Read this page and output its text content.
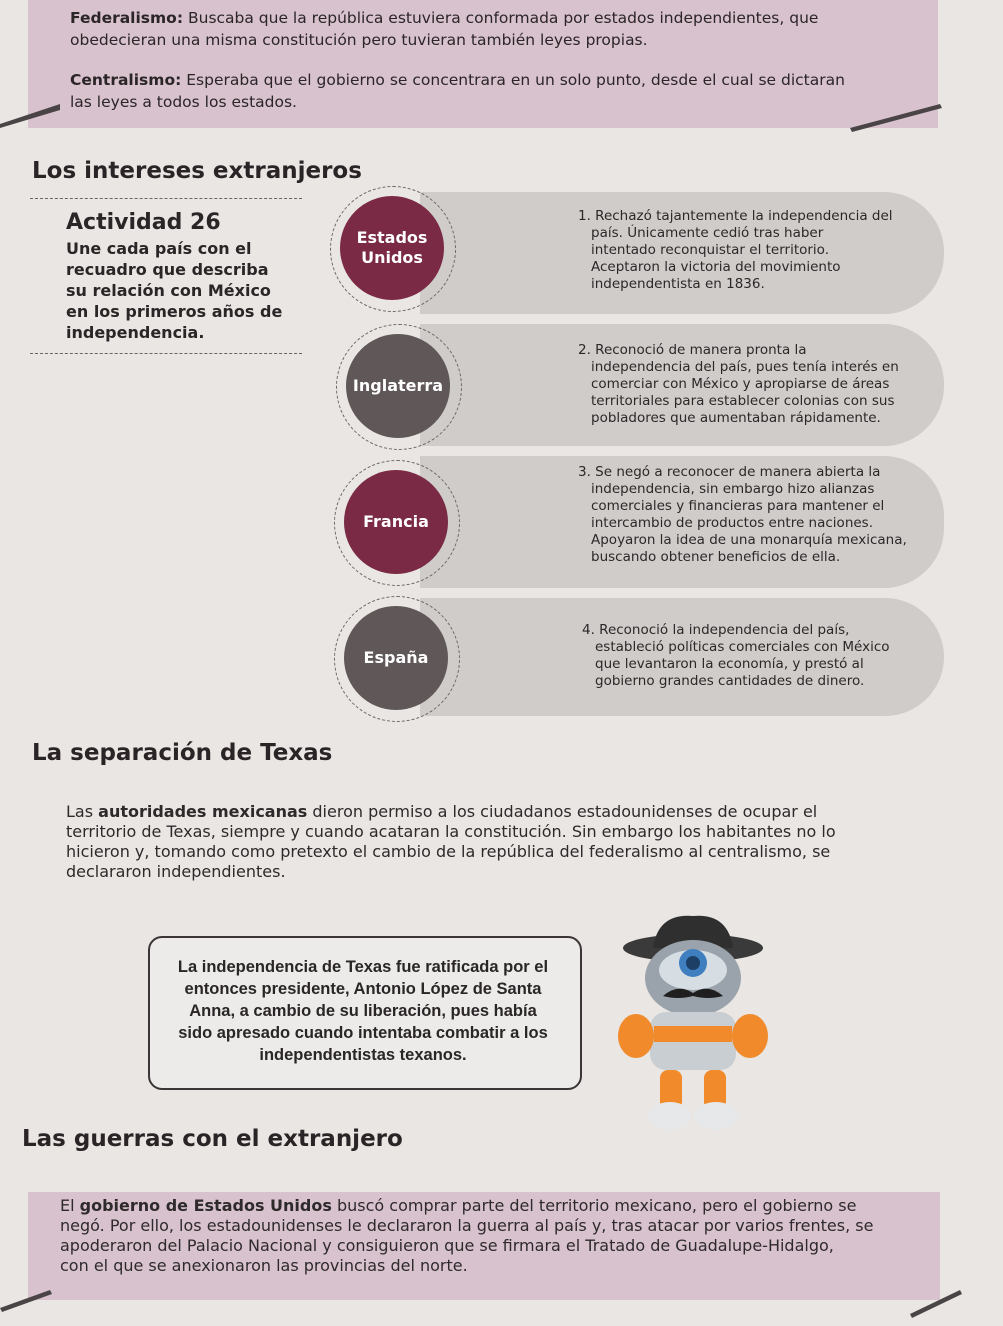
Federalismo: Buscaba que la república estuviera conformada por estados independientes, que
obedecieran una misma constitución pero tuvieran también leyes propias.
Centralismo: Esperaba que el gobierno se concentrara en un solo punto, desde el cual se dictaran
las leyes a todos los estados.
Los intereses extranjeros
Actividad 26
Une cada país con el
recuadro que describa
su relación con México
en los primeros años de
independencia.
1. Rechazó tajantemente la independencia del
país. Únicamente cedió tras haber
intentado reconquistar el territorio.
Aceptaron la victoria del movimiento
independentista en 1836.
2. Reconoció de manera pronta la
independencia del país, pues tenía interés en
comerciar con México y apropiarse de áreas
territoriales para establecer colonias con sus
pobladores que aumentaban rápidamente.
3. Se negó a reconocer de manera abierta la
independencia, sin embargo hizo alianzas
comerciales y financieras para mantener el
intercambio de productos entre naciones.
Apoyaron la idea de una monarquía mexicana,
buscando obtener beneficios de ella.
4. Reconoció la independencia del país,
estableció políticas comerciales con México
que levantaron la economía, y prestó al
gobierno grandes cantidades de dinero.
Estados
Unidos
Inglaterra
Francia
España
La separación de Texas
Las autoridades mexicanas dieron permiso a los ciudadanos estadounidenses de ocupar el
territorio de Texas, siempre y cuando acataran la constitución. Sin embargo los habitantes no lo
hicieron y, tomando como pretexto el cambio de la república del federalismo al centralismo, se
declararon independientes.
La independencia de Texas fue ratificada por el
entonces presidente, Antonio López de Santa
Anna, a cambio de su liberación, pues había
sido apresado cuando intentaba combatir a los
independentistas texanos.
Las guerras con el extranjero
El gobierno de Estados Unidos buscó comprar parte del territorio mexicano, pero el gobierno se
negó. Por ello, los estadounidenses le declararon la guerra al país y, tras atacar por varios frentes, se
apoderaron del Palacio Nacional y consiguieron que se firmara el Tratado de Guadalupe-Hidalgo,
con el que se anexionaron las provincias del norte.
